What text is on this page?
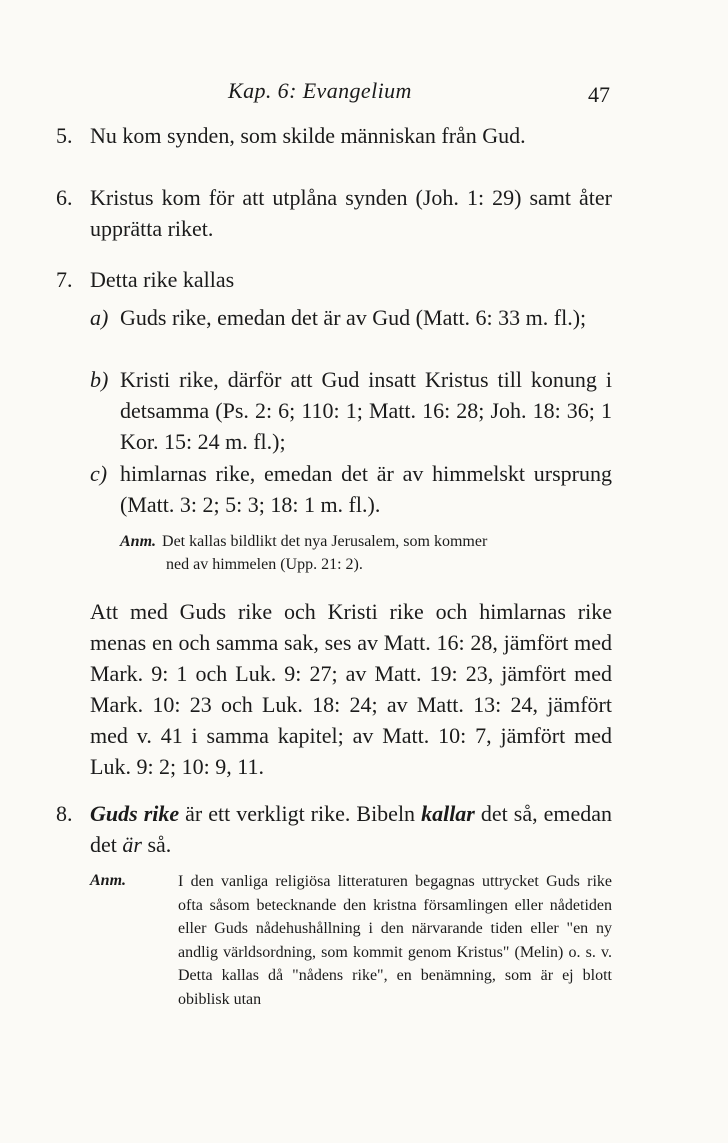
Kap. 6: Evangelium	47
5. Nu kom synden, som skilde människan från Gud.
6. Kristus kom för att utplåna synden (Joh. 1: 29) samt åter upprätta riket.
7. Detta rike kallas
a) Guds rike, emedan det är av Gud (Matt. 6: 33 m. fl.);
b) Kristi rike, därför att Gud insatt Kristus till konung i detsamma (Ps. 2: 6; 110: 1; Matt. 16: 28; Joh. 18: 36; 1 Kor. 15: 24 m. fl.);
c) himlarnas rike, emedan det är av himmelskt ursprung (Matt. 3: 2; 5: 3; 18: 1 m. fl.).
Anm. Det kallas bildlikt det nya Jerusalem, som kommer
ned av himmelen (Upp. 21: 2).
Att med Guds rike och Kristi rike och himlarnas rike menas en och samma sak, ses av Matt. 16: 28, jämfört med Mark. 9: 1 och Luk. 9: 27; av Matt. 19: 23, jämfört med Mark. 10: 23 och Luk. 18: 24; av Matt. 13: 24, jämfört med v. 41 i samma kapitel; av Matt. 10: 7, jämfört med Luk. 9: 2; 10: 9, 11.
8. Guds rike är ett verkligt rike. Bibeln kallar det så, emedan det är så.
Anm.	I den vanliga religiösa litteraturen begagnas uttrycket Guds rike ofta såsom betecknande den kristna församlingen eller nådetiden eller Guds nådehushållning i den närvarande tiden eller "en ny andlig världsordning, som kommit genom Kristus" (Melin) o. s. v. Detta kallas då "nådens rike", en benämning, som är ej blott obiblisk utan
